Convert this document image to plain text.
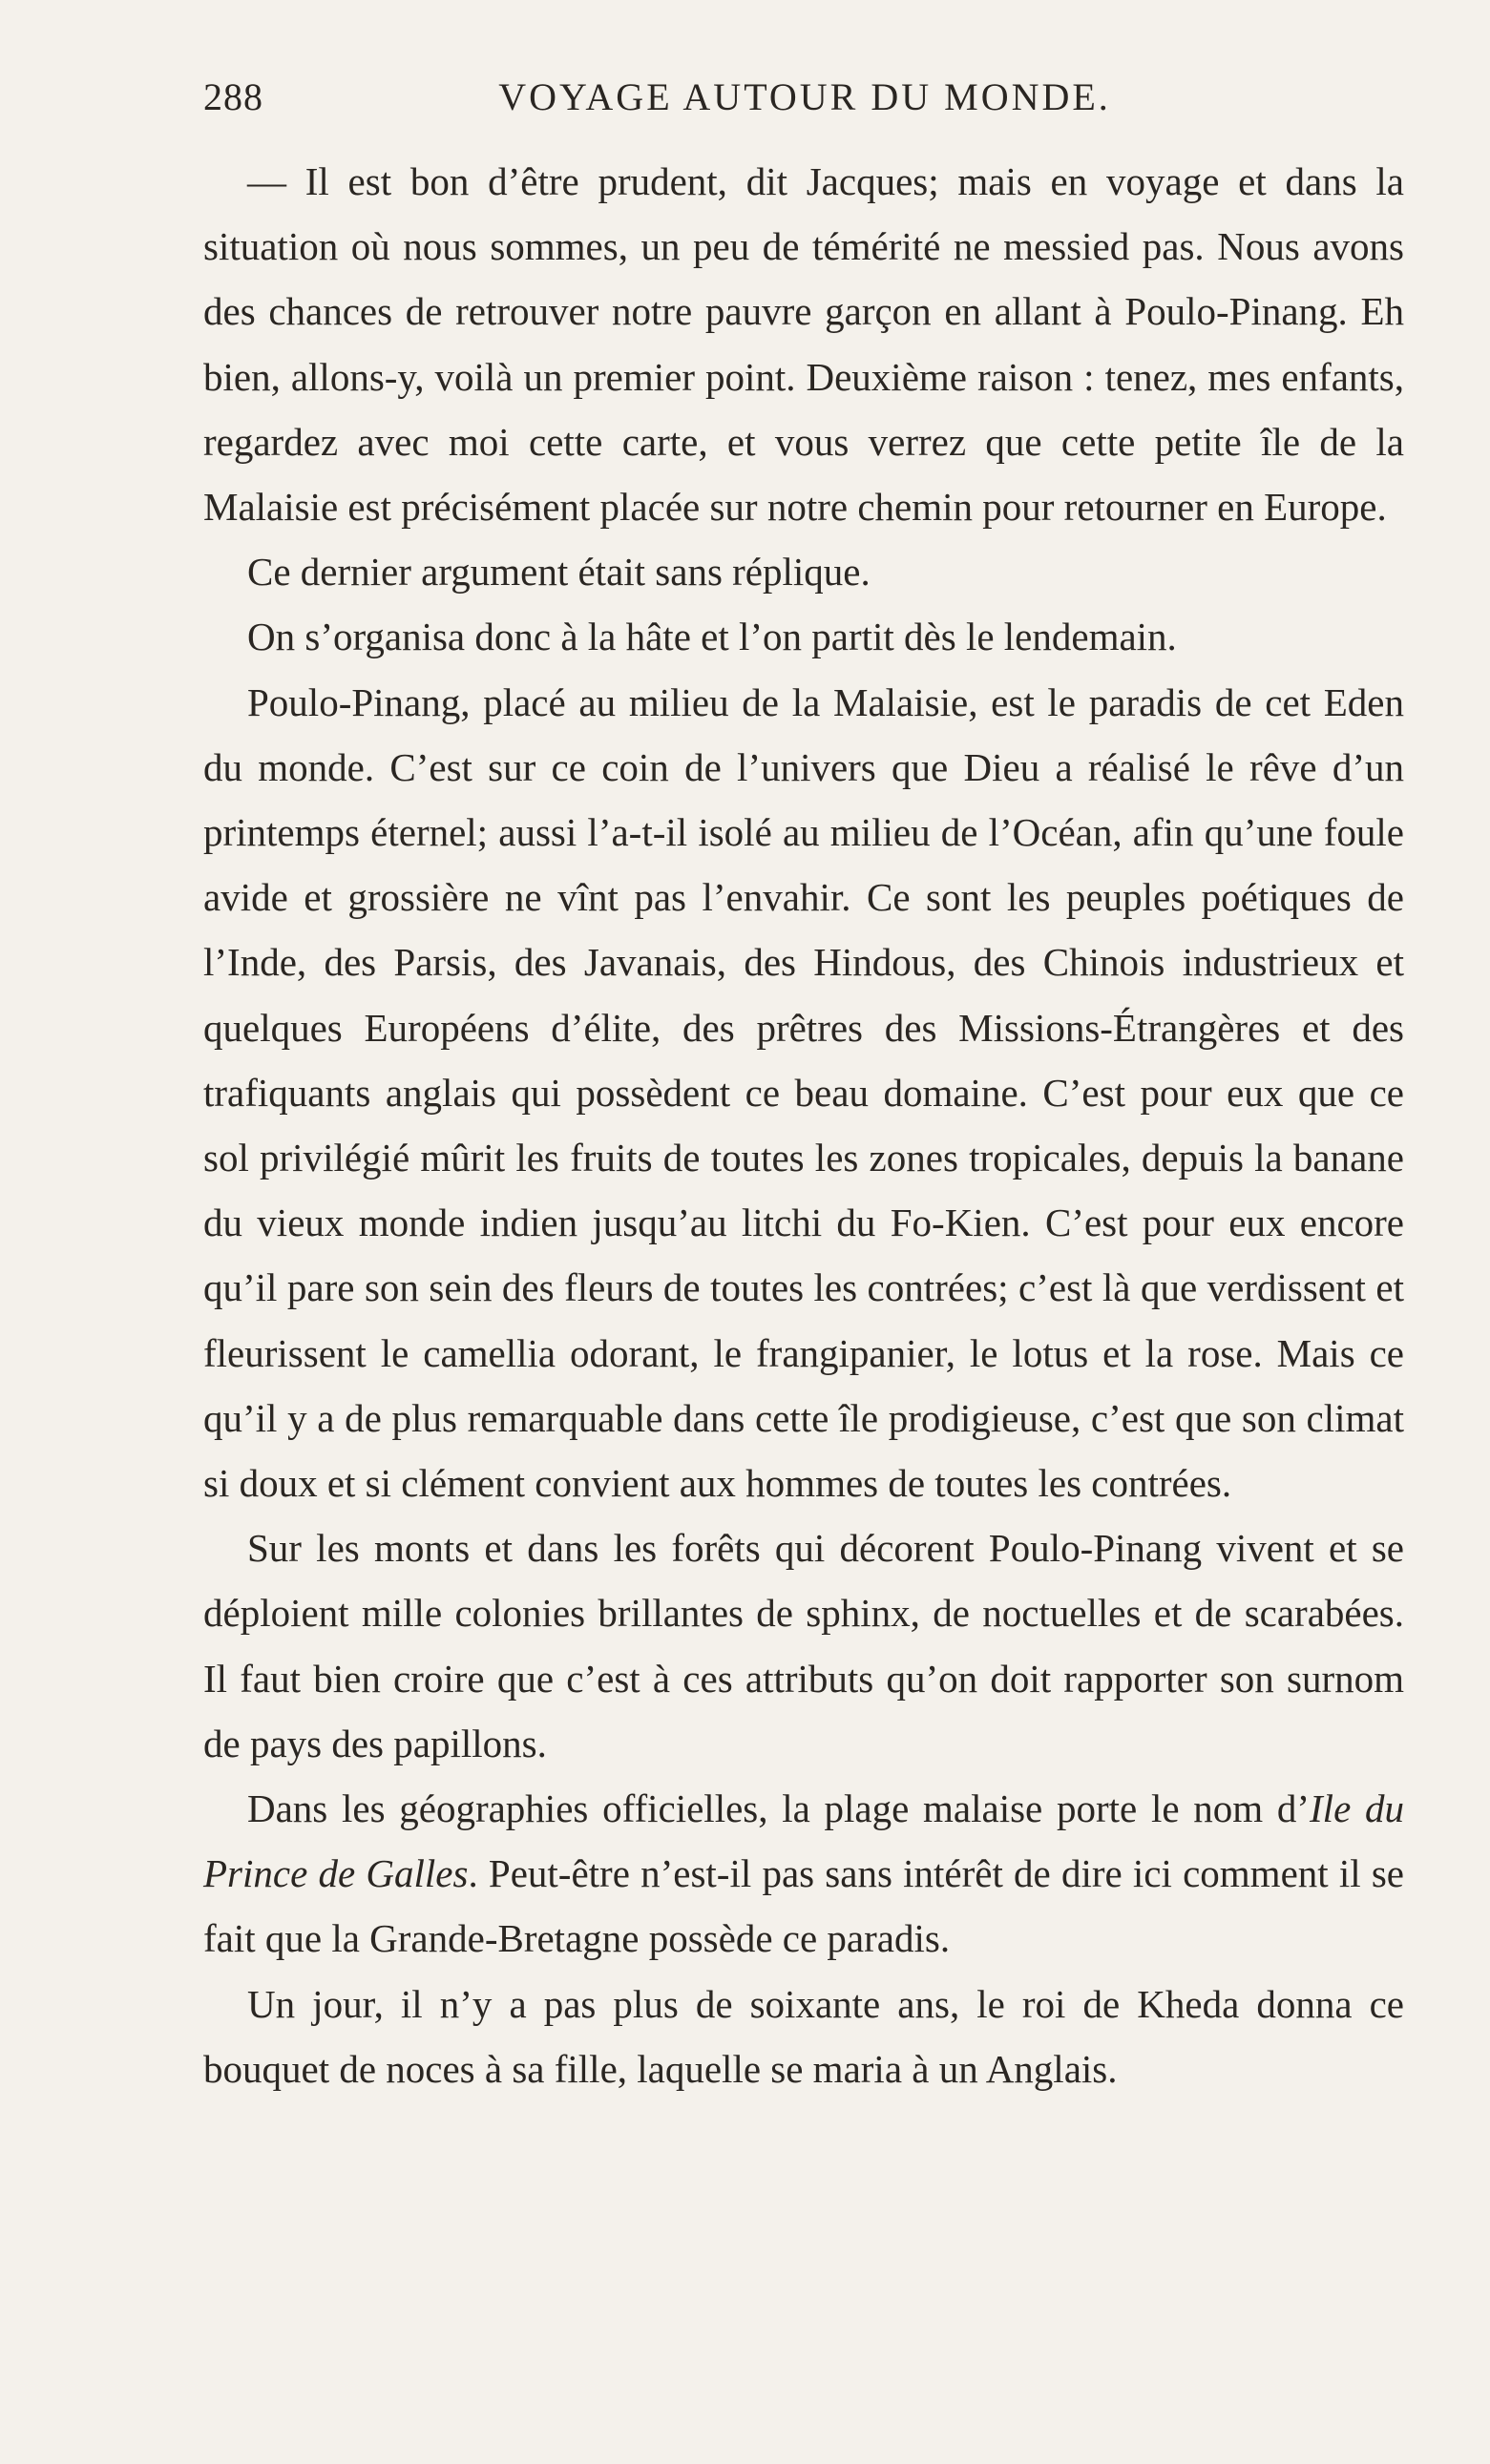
288	VOYAGE AUTOUR DU MONDE.

— Il est bon d’être prudent, dit Jacques; mais en voyage et dans la situation où nous sommes, un peu de témérité ne messied pas. Nous avons des chances de retrouver notre pauvre garçon en allant à Poulo-Pinang. Eh bien, allons-y, voilà un premier point. Deuxième raison : tenez, mes enfants, regardez avec moi cette carte, et vous verrez que cette petite île de la Malaisie est précisément placée sur notre chemin pour retourner en Europe.

Ce dernier argument était sans réplique.

On s’organisa donc à la hâte et l’on partit dès le lendemain.

Poulo-Pinang, placé au milieu de la Malaisie, est le paradis de cet Eden du monde. C’est sur ce coin de l’univers que Dieu a réalisé le rêve d’un printemps éternel; aussi l’a-t-il isolé au milieu de l’Océan, afin qu’une foule avide et grossière ne vînt pas l’envahir. Ce sont les peuples poétiques de l’Inde, des Parsis, des Javanais, des Hindous, des Chinois industrieux et quelques Européens d’élite, des prêtres des Missions-Étrangères et des trafiquants anglais qui possèdent ce beau domaine. C’est pour eux que ce sol privilégié mûrit les fruits de toutes les zones tropicales, depuis la banane du vieux monde indien jusqu’au litchi du Fo-Kien. C’est pour eux encore qu’il pare son sein des fleurs de toutes les contrées; c’est là que verdissent et fleurissent le camellia odorant, le frangipanier, le lotus et la rose. Mais ce qu’il y a de plus remarquable dans cette île prodigieuse, c’est que son climat si doux et si clément convient aux hommes de toutes les contrées.

Sur les monts et dans les forêts qui décorent Poulo-Pinang vivent et se déploient mille colonies brillantes de sphinx, de noctuelles et de scarabées. Il faut bien croire que c’est à ces attributs qu’on doit rapporter son surnom de pays des papillons.

Dans les géographies officielles, la plage malaise porte le nom d’Ile du Prince de Galles. Peut-être n’est-il pas sans intérêt de dire ici comment il se fait que la Grande-Bretagne possède ce paradis.

Un jour, il n’y a pas plus de soixante ans, le roi de Kheda donna ce bouquet de noces à sa fille, laquelle se maria à un Anglais.
